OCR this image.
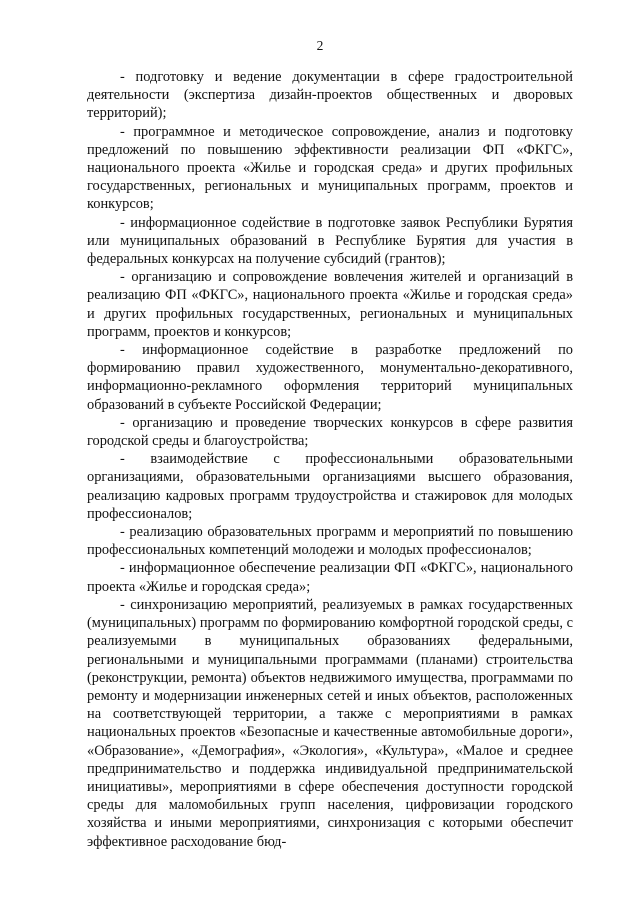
2

- подготовку и ведение документации в сфере градостроительной деятельности (экспертиза дизайн-проектов общественных и дворовых территорий);

- программное и методическое сопровождение, анализ и подготовку предложений по повышению эффективности реализации ФП «ФКГС», национального проекта «Жилье и городская среда» и других профильных государственных, региональных и муниципальных программ, проектов и конкурсов;

- информационное содействие в подготовке заявок Республики Бурятия или муниципальных образований в Республике Бурятия для участия в федеральных конкурсах на получение субсидий (грантов);

- организацию и сопровождение вовлечения жителей и организаций в реализацию ФП «ФКГС», национального проекта «Жилье и городская среда» и других профильных государственных, региональных и муниципальных программ, проектов и конкурсов;

- информационное содействие в разработке предложений по формированию правил художественного, монументально-декоративного, информационно-рекламного оформления территорий муниципальных образований в субъекте Российской Федерации;

- организацию и проведение творческих конкурсов в сфере развития городской среды и благоустройства;

- взаимодействие с профессиональными образовательными организациями, образовательными организациями высшего образования, реализацию кадровых программ трудоустройства и стажировок для молодых профессионалов;

- реализацию образовательных программ и мероприятий по повышению профессиональных компетенций молодежи и молодых профессионалов;

- информационное обеспечение реализации ФП «ФКГС», национального проекта «Жилье и городская среда»;

- синхронизацию мероприятий, реализуемых в рамках государственных (муниципальных) программ по формированию комфортной городской среды, с реализуемыми в муниципальных образованиях федеральными, региональными и муниципальными программами (планами) строительства (реконструкции, ремонта) объектов недвижимого имущества, программами по ремонту и модернизации инженерных сетей и иных объектов, расположенных на соответствующей территории, а также с мероприятиями в рамках национальных проектов «Безопасные и качественные автомобильные дороги», «Образование», «Демография», «Экология», «Культура», «Малое и среднее предпринимательство и поддержка индивидуальной предпринимательской инициативы», мероприятиями в сфере обеспечения доступности городской среды для маломобильных групп населения, цифровизации городского хозяйства и иными мероприятиями, синхронизация с которыми обеспечит эффективное расходование бюд-
